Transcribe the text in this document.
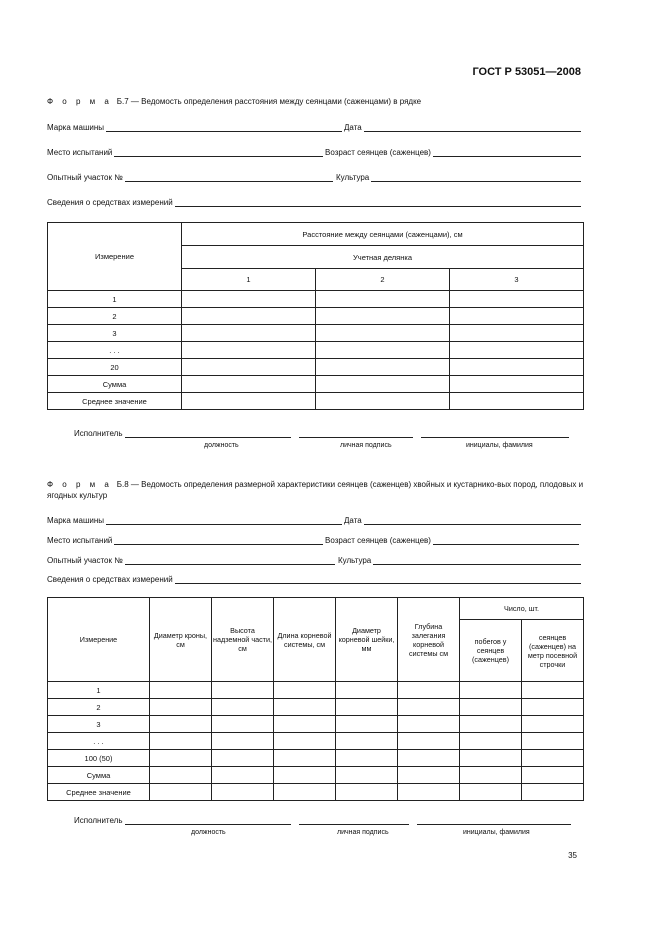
ГОСТ Р 53051—2008
Ф о р м а Б.7 — Ведомость определения расстояния между сеянцами (саженцами) в рядке
Марка машины	Дата
Место испытаний	Возраст сеянцев (саженцев)
Опытный участок №	Культура
Сведения о средствах измерений
Измерение	Расстояние между сеянцами (саженцами), см		
	Учетная делянка		
	1	2	3
1			
2			
3			
. . .			
20			
Сумма			
Среднее значение			
Исполнитель
должность	личная подпись	инициалы, фамилия
Ф о р м а Б.8 — Ведомость определения размерной характеристики сеянцев (саженцев) хвойных и кустарнико-вых пород, плодовых и ягодных культур
Марка машины	Дата
Место испытаний	Возраст сеянцев (саженцев)
Опытный участок №	Культура
Сведения о средствах измерений
Измерение	Диаметр кроны, см	Высота надземной части, см	Длина корневой системы, см	Диаметр корневой шейки, мм	Глубина залегания корневой системы см	Число, шт.	
						побегов у сеянцев (саженцев)	сеянцев (саженцев) на метр посевной строчки
1							
2							
3							
. . .							
100 (50)							
Сумма							
Среднее значение							
Исполнитель
должность	личная подпись	инициалы, фамилия
35
